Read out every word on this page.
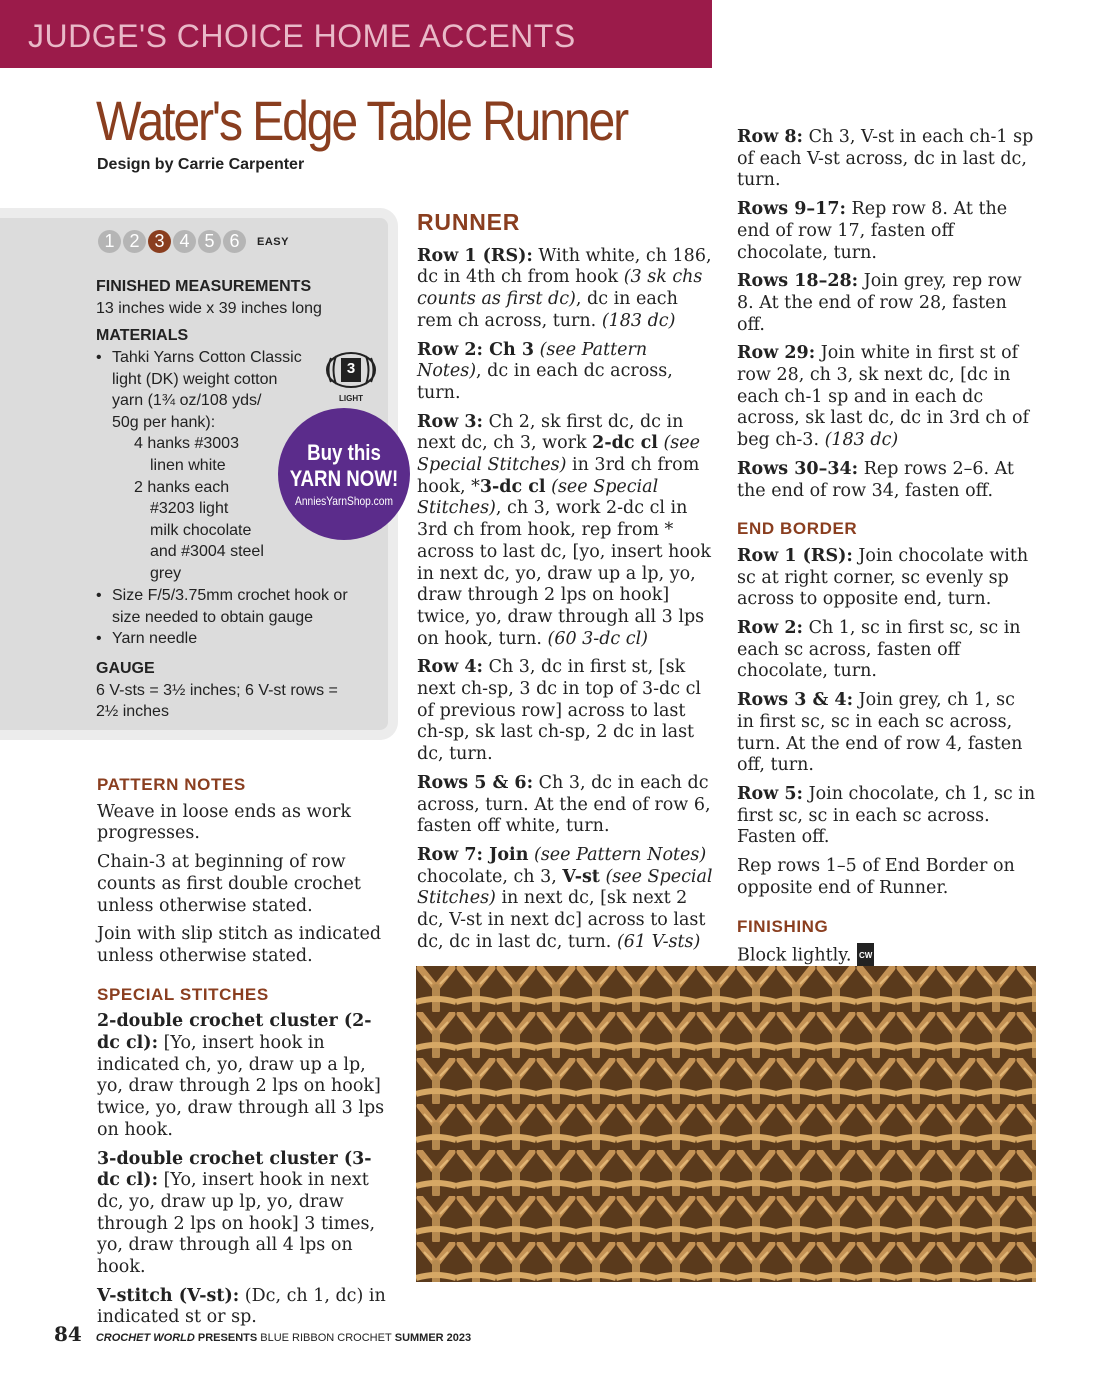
JUDGE'S CHOICE HOME ACCENTS
Water's Edge Table Runner
Design by Carrie Carpenter
1 2 3 4 5 6	EASY
FINISHED MEASUREMENTS
13 inches wide x 39 inches long
MATERIALS
• Tahki Yarns Cotton Classic
light (DK) weight cotton
yarn (1¾ oz/108 yds/
50g per hank):
4 hanks #3003
linen white
2 hanks each
#3203 light
milk chocolate
and #3004 steel
grey
• Size F/5/3.75mm crochet hook or
size needed to obtain gauge
• Yarn needle
GAUGE
6 V-sts = 3½ inches; 6 V-st rows =
2½ inches
3
LIGHT
Buy this
YARN NOW!
AnniesYarnShop.com
PATTERN NOTES

Weave in loose ends as work progresses.

Chain-3 at beginning of row counts as first double crochet unless otherwise stated.

Join with slip stitch as indicated unless otherwise stated.

SPECIAL STITCHES

2-double crochet cluster (2-dc cl): [Yo, insert hook in indicated ch, yo, draw up a lp, yo, draw through 2 lps on hook] twice, yo, draw through all 3 lps on hook.

3-double crochet cluster (3-dc cl): [Yo, insert hook in next dc, yo, draw up lp, yo, draw through 2 lps on hook] 3 times, yo, draw through all 4 lps on hook.

V-stitch (V-st): (Dc, ch 1, dc) in indicated st or sp.

RUNNER

Row 1 (RS): With white, ch 186, dc in 4th ch from hook (3 sk chs counts as first dc), dc in each rem ch across, turn. (183 dc)

Row 2: Ch 3 (see Pattern Notes), dc in each dc across, turn.

Row 3: Ch 2, sk first dc, dc in next dc, ch 3, work 2-dc cl (see Special Stitches) in 3rd ch from hook, *3-dc cl (see Special Stitches), ch 3, work 2-dc cl in 3rd ch from hook, rep from * across to last dc, [yo, insert hook in next dc, yo, draw up a lp, yo, draw through 2 lps on hook] twice, yo, draw through all 3 lps on hook, turn. (60 3-dc cl)

Row 4: Ch 3, dc in first st, [sk next ch-sp, 3 dc in top of 3-dc cl of previous row] across to last ch-sp, sk last ch-sp, 2 dc in last dc, turn.

Rows 5 & 6: Ch 3, dc in each dc across, turn. At the end of row 6, fasten off white, turn.

Row 7: Join (see Pattern Notes) chocolate, ch 3, V-st (see Special Stitches) in next dc, [sk next 2 dc, V-st in next dc] across to last dc, dc in last dc, turn. (61 V-sts)

Row 8: Ch 3, V-st in each ch-1 sp of each V-st across, dc in last dc, turn.

Rows 9–17: Rep row 8. At the end of row 17, fasten off chocolate, turn.

Rows 18–28: Join grey, rep row 8. At the end of row 28, fasten off.

Row 29: Join white in first st of row 28, ch 3, sk next dc, [dc in each ch-1 sp and in each dc across, sk last dc, dc in 3rd ch of beg ch-3. (183 dc)

Rows 30–34: Rep rows 2–6. At the end of row 34, fasten off.

END BORDER

Row 1 (RS): Join chocolate with sc at right corner, sc evenly sp across to opposite end, turn.

Row 2: Ch 1, sc in first sc, sc in each sc across, fasten off chocolate, turn.

Rows 3 & 4: Join grey, ch 1, sc in first sc, sc in each sc across, turn. At the end of row 4, fasten off, turn.

Row 5: Join chocolate, ch 1, sc in first sc, sc in each sc across. Fasten off.

Rep rows 1–5 of End Border on opposite end of Runner.

FINISHING

Block lightly. CW

84 CROCHET WORLD PRESENTS BLUE RIBBON CROCHET SUMMER 2023
